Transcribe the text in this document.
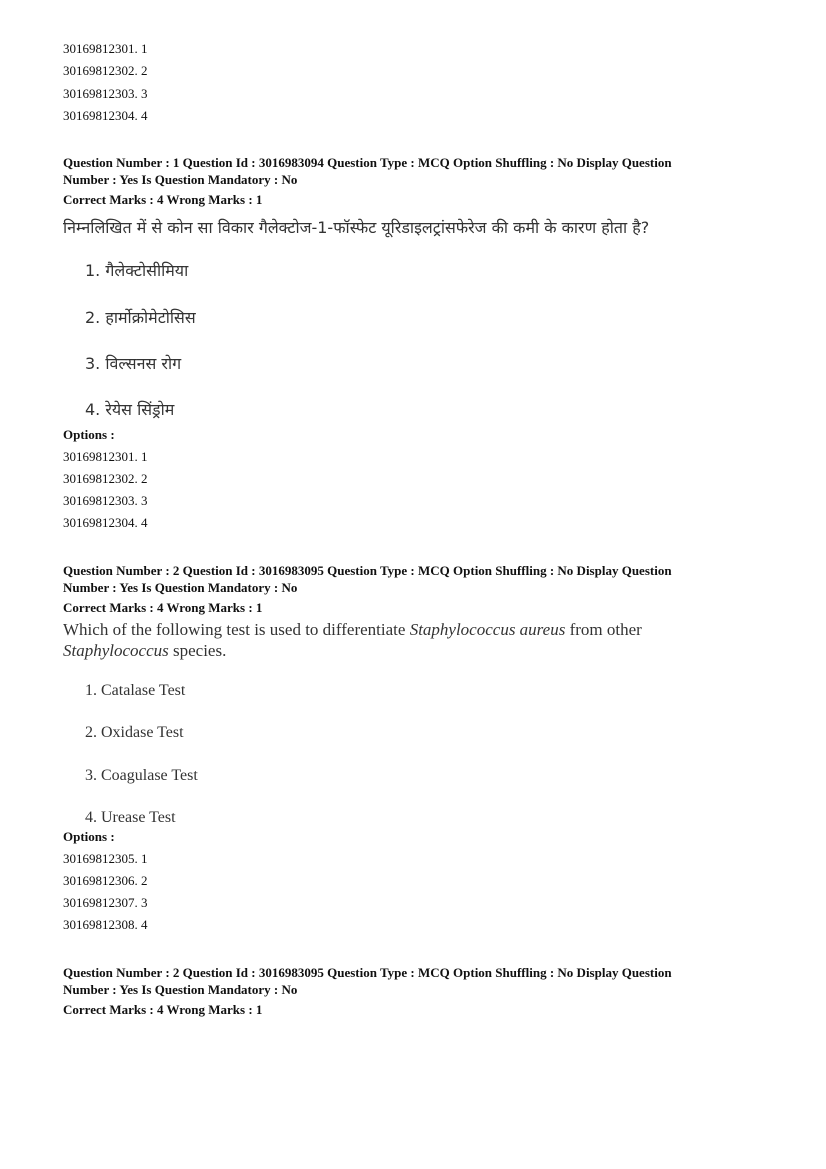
30169812301. 1
30169812302. 2
30169812303. 3
30169812304. 4
Question Number : 1 Question Id : 3016983094 Question Type : MCQ Option Shuffling : No Display Question
Number : Yes Is Question Mandatory : No
Correct Marks : 4 Wrong Marks : 1
निम्नलिखित में से कोन सा विकार गैलेक्टोज-1-फॉस्फेट यूरिडाइलट्रांसफेरेज की कमी के कारण होता है?
1. गैलेक्टोसीमिया
2. हार्मोक्रोमेटोसिस
3. विल्सनस रोग
4. रेयेस सिंड्रोम
Options :
30169812301. 1
30169812302. 2
30169812303. 3
30169812304. 4
Question Number : 2 Question Id : 3016983095 Question Type : MCQ Option Shuffling : No Display Question
Number : Yes Is Question Mandatory : No
Correct Marks : 4 Wrong Marks : 1
Which of the following test is used to differentiate Staphylococcus aureus from other
Staphylococcus species.
1. Catalase Test
2. Oxidase Test
3. Coagulase Test
4. Urease Test
Options :
30169812305. 1
30169812306. 2
30169812307. 3
30169812308. 4
Question Number : 2 Question Id : 3016983095 Question Type : MCQ Option Shuffling : No Display Question
Number : Yes Is Question Mandatory : No
Correct Marks : 4 Wrong Marks : 1
